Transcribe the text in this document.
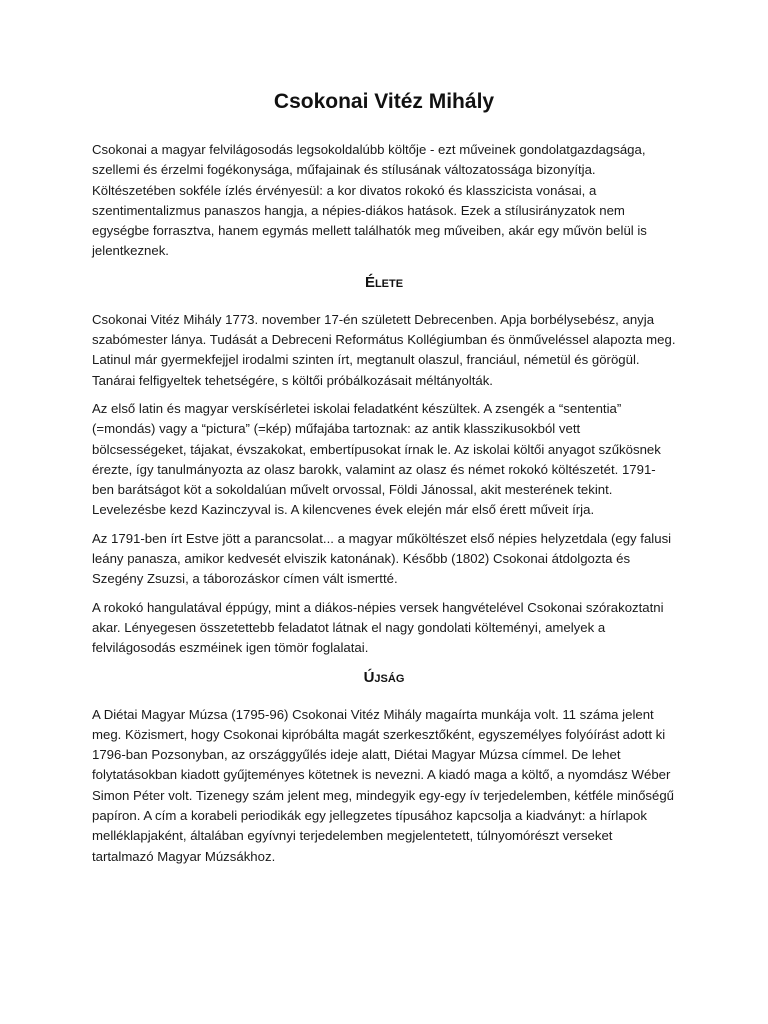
Csokonai Vitéz Mihály

Csokonai a magyar felvilágosodás legsokoldalúbb költője - ezt műveinek gondolatgazdagsága, szellemi és érzelmi fogékonysága, műfajainak és stílusának változatossága bizonyítja. Költészetében sokféle ízlés érvényesül: a kor divatos rokokó és klasszicista vonásai, a szentimentalizmus panaszos hangja, a népies-diákos hatások. Ezek a stílusirányzatok nem egységbe forrasztva, hanem egymás mellett találhatók meg műveiben, akár egy művön belül is jelentkeznek.

Élete

Csokonai Vitéz Mihály 1773. november 17-én született Debrecenben. Apja borbélysebész, anyja szabómester lánya. Tudását a Debreceni Református Kollégiumban és önműveléssel alapozta meg. Latinul már gyermekfejjel irodalmi szinten írt, megtanult olaszul, franciául, németül és görögül. Tanárai felfigyeltek tehetségére, s költői próbálkozásait méltányolták.

Az első latin és magyar verskísérletei iskolai feladatként készültek. A zsengék a “sententia” (=mondás) vagy a “pictura” (=kép) műfajába tartoznak: az antik klasszikusokból vett bölcsességeket, tájakat, évszakokat, embertípusokat írnak le. Az iskolai költői anyagot szűkösnek érezte, így tanulmányozta az olasz barokk, valamint az olasz és német rokokó költészetét. 1791-ben barátságot köt a sokoldalúan művelt orvossal, Földi Jánossal, akit mesterének tekint. Levelezésbe kezd Kazinczyval is. A kilencvenes évek elején már első érett műveit írja.

Az 1791-ben írt Estve jött a parancsolat... a magyar műköltészet első népies helyzetdala (egy falusi leány panasza, amikor kedvesét elviszik katonának). Később (1802) Csokonai átdolgozta és Szegény Zsuzsi, a táborozáskor címen vált ismertté.

A rokokó hangulatával éppúgy, mint a diákos-népies versek hangvételével Csokonai szórakoztatni akar. Lényegesen összetettebb feladatot látnak el nagy gondolati költeményi, amelyek a felvilágosodás eszméinek igen tömör foglalatai.

Újság

A Diétai Magyar Múzsa (1795-96) Csokonai Vitéz Mihály magaírta munkája volt. 11 száma jelent meg. Közismert, hogy Csokonai kipróbálta magát szerkesztőként, egyszemélyes folyóírást adott ki 1796-ban Pozsonyban, az országgyűlés ideje alatt, Diétai Magyar Múzsa címmel. De lehet folytatásokban kiadott gyűjteményes kötetnek is nevezni. A kiadó maga a költő, a nyomdász Wéber Simon Péter volt. Tizenegy szám jelent meg, mindegyik egy-egy ív terjedelemben, kétféle minőségű papíron. A cím a korabeli periodikák egy jellegzetes típusához kapcsolja a kiadványt: a hírlapok melléklapjaként, általában egyívnyi terjedelemben megjelentetett, túlnyomórészt verseket tartalmazó Magyar Múzsákhoz.
